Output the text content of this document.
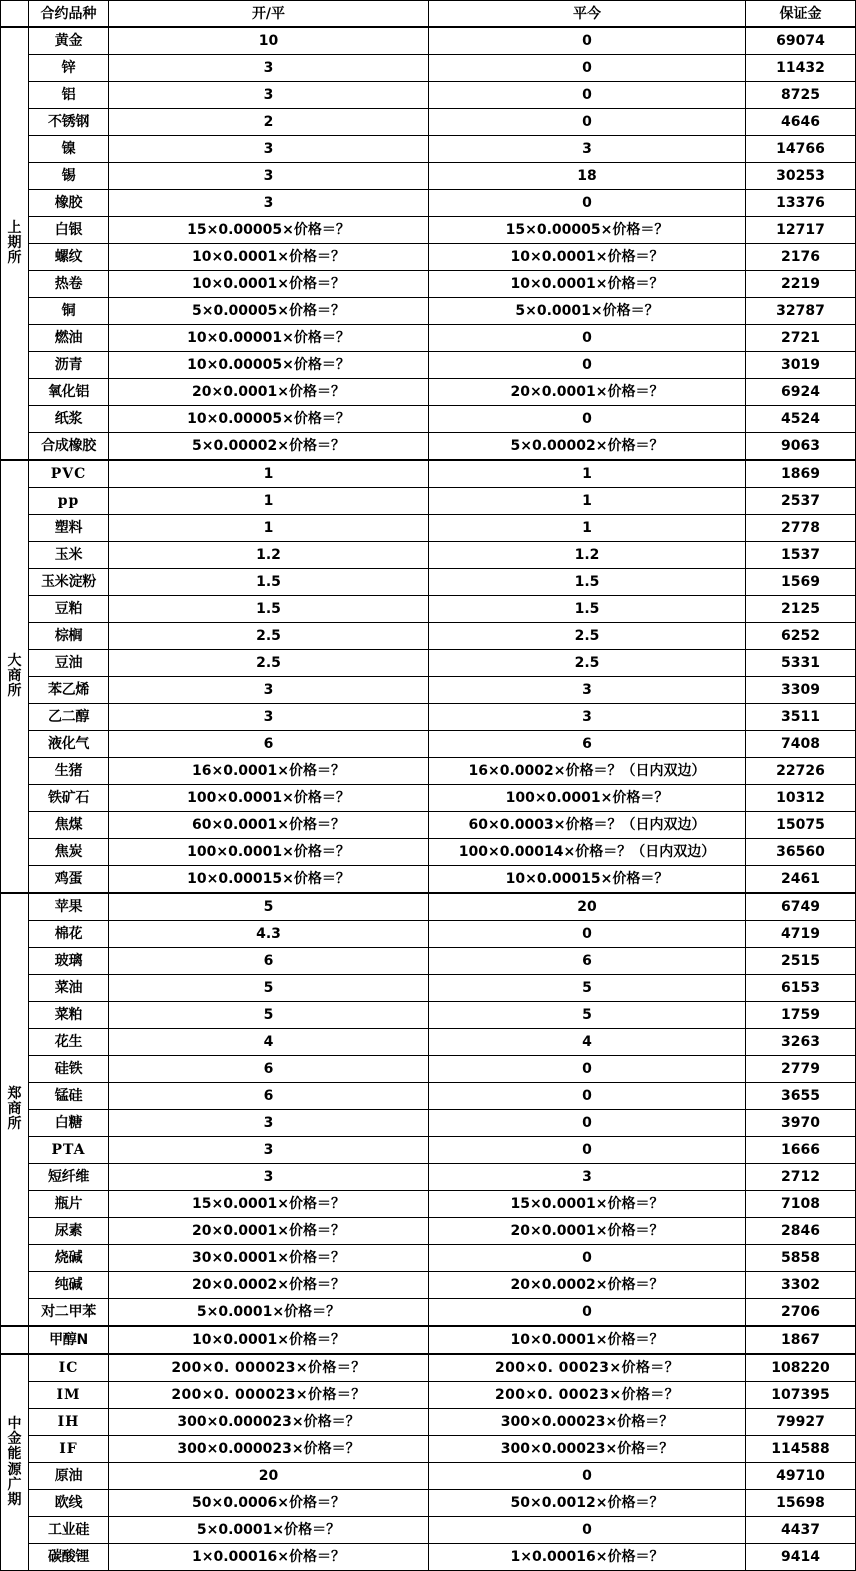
	合约品种	开/平	平今	保证金

上期所	黄金	10	0	69074
	锌	3	0	11432
	铝	3	0	8725
	不锈钢	2	0	4646
	镍	3	3	14766
	锡	3	18	30253
	橡胶	3	0	13376
	白银	15×0.00005×价格＝？	15×0.00005×价格＝？	12717
	螺纹	10×0.0001×价格＝？	10×0.0001×价格＝？	2176
	热卷	10×0.0001×价格＝？	10×0.0001×价格＝？	2219
	铜	5×0.00005×价格＝？	5×0.0001×价格＝？	32787
	燃油	10×0.00001×价格＝？	0	2721
	沥青	10×0.00005×价格＝？	0	3019
	氧化铝	20×0.0001×价格＝？	20×0.0001×价格＝？	6924
	纸浆	10×0.00005×价格＝？	0	4524
	合成橡胶	5×0.00002×价格＝？	5×0.00002×价格＝？	9063

大商所	PVC	1	1	1869
	pp	1	1	2537
	塑料	1	1	2778
	玉米	1.2	1.2	1537
	玉米淀粉	1.5	1.5	1569
	豆粕	1.5	1.5	2125
	棕榈	2.5	2.5	6252
	豆油	2.5	2.5	5331
	苯乙烯	3	3	3309
	乙二醇	3	3	3511
	液化气	6	6	7408
	生猪	16×0.0001×价格＝？	16×0.0002×价格＝？（日内双边）	22726
	铁矿石	100×0.0001×价格＝？	100×0.0001×价格＝？	10312
	焦煤	60×0.0001×价格＝？	60×0.0003×价格＝？（日内双边）	15075
	焦炭	100×0.0001×价格＝？	100×0.00014×价格＝？（日内双边）	36560
	鸡蛋	10×0.00015×价格＝？	10×0.00015×价格＝？	2461

郑商所	苹果	5	20	6749
	棉花	4.3	0	4719
	玻璃	6	6	2515
	菜油	5	5	6153
	菜粕	5	5	1759
	花生	4	4	3263
	硅铁	6	0	2779
	锰硅	6	0	3655
	白糖	3	0	3970
	PTA	3	0	1666
	短纤维	3	3	2712
	瓶片	15×0.0001×价格＝？	15×0.0001×价格＝？	7108
	尿素	20×0.0001×价格＝？	20×0.0001×价格＝？	2846
	烧碱	30×0.0001×价格＝？	0	5858
	纯碱	20×0.0002×价格＝？	20×0.0002×价格＝？	3302
	对二甲苯	5×0.0001×价格＝？	0	2706

	甲醇N	10×0.0001×价格＝？	10×0.0001×价格＝？	1867

中金能源广期	IC	200×0. 000023×价格＝？	200×0. 00023×价格＝？	108220
	IM	200×0. 000023×价格＝？	200×0. 00023×价格＝？	107395
	IH	300×0.000023×价格＝？	300×0.00023×价格＝？	79927
	IF	300×0.000023×价格＝？	300×0.00023×价格＝？	114588
	原油	20	0	49710
	欧线	50×0.0006×价格＝？	50×0.0012×价格＝？	15698
	工业硅	5×0.0001×价格＝？	0	4437
	碳酸锂	1×0.00016×价格＝？	1×0.00016×价格＝？	9414
